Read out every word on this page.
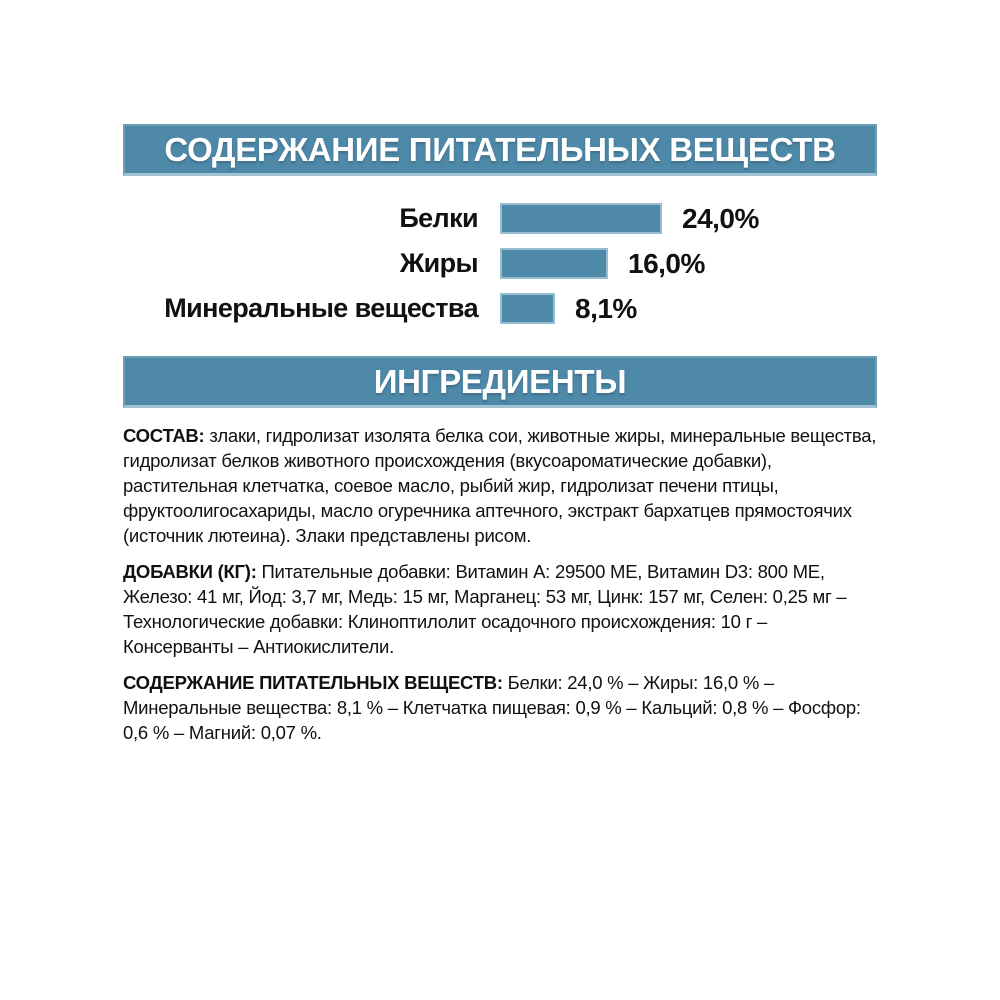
СОДЕРЖАНИЕ ПИТАТЕЛЬНЫХ ВЕЩЕСТВ
Белки	24,0%
Жиры	16,0%
Минеральные вещества	8,1%
ИНГРЕДИЕНТЫ

СОСТАВ: злаки, гидролизат изолята белка сои, животные жиры, минеральные вещества, гидролизат белков животного происхождения (вкусоароматические добавки), растительная клетчатка, соевое масло, рыбий жир, гидролизат печени птицы, фруктоолигосахариды, масло огуречника аптечного, экстракт бархатцев прямостоячих (источник лютеина). Злаки представлены рисом.

ДОБАВКИ (КГ): Питательные добавки: Витамин A: 29500 МЕ, Витамин D3: 800 МЕ, Железо: 41 мг, Йод: 3,7 мг, Медь: 15 мг, Марганец: 53 мг, Цинк: 157 мг, Селен: 0,25 мг – Технологические добавки: Клиноптилолит осадочного происхождения: 10 г – Консерванты – Антиокислители.

СОДЕРЖАНИЕ ПИТАТЕЛЬНЫХ ВЕЩЕСТВ: Белки: 24,0 % – Жиры: 16,0 % – Минеральные вещества: 8,1 % – Клетчатка пищевая: 0,9 % – Кальций: 0,8 % – Фосфор: 0,6 % – Магний: 0,07 %.
